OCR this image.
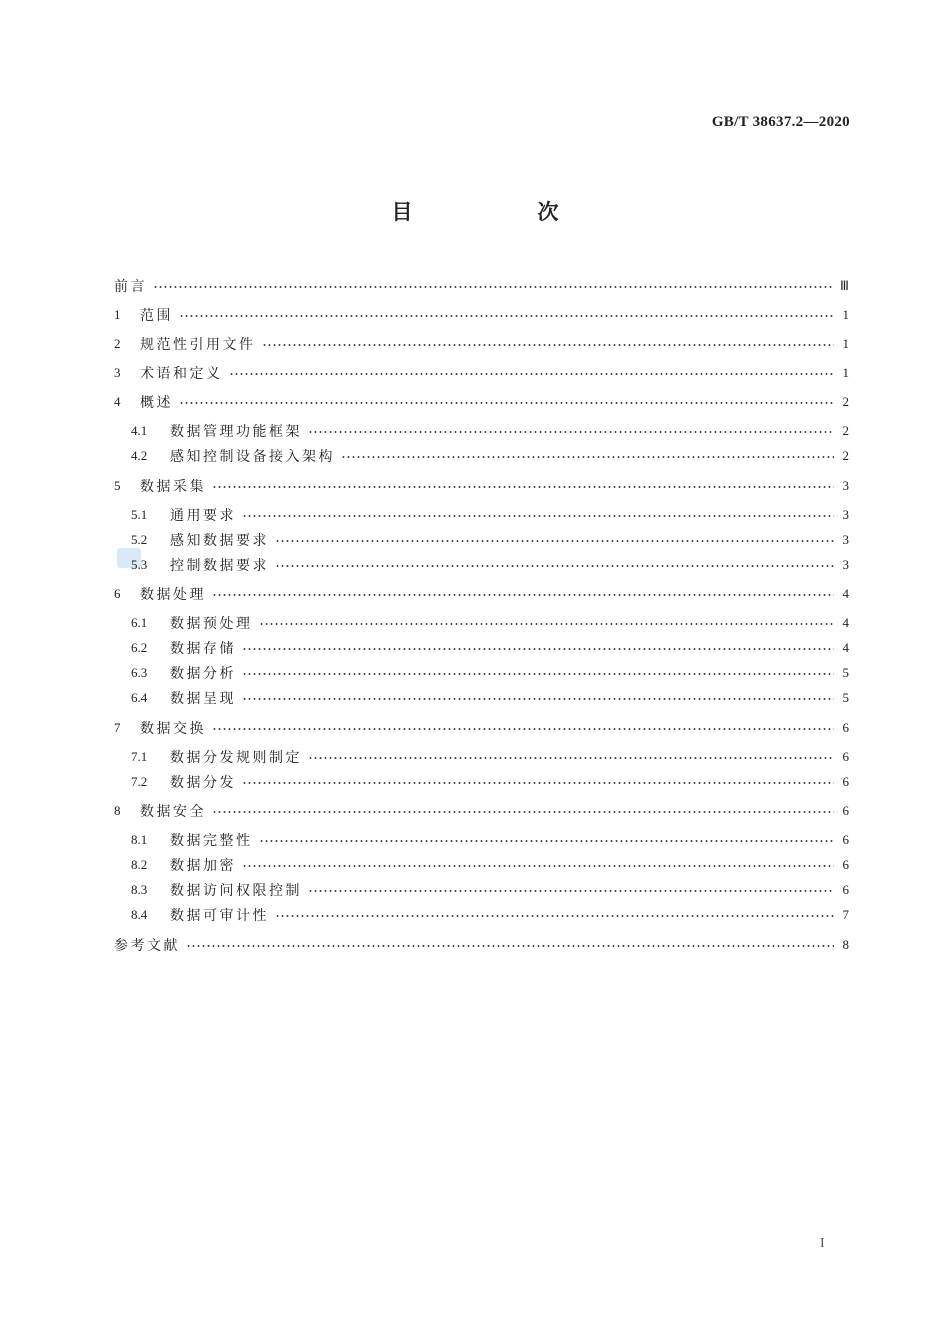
GB/T 38637.2—2020
目　次
前言	Ⅲ
1	范围	1
2	规范性引用文件	1
3	术语和定义	1
4	概述	2
4.1	数据管理功能框架	2
4.2	感知控制设备接入架构	2
5	数据采集	3
5.1	通用要求	3
5.2	感知数据要求	3
5.3	控制数据要求	3
6	数据处理	4
6.1	数据预处理	4
6.2	数据存储	4
6.3	数据分析	5
6.4	数据呈现	5
7	数据交换	6
7.1	数据分发规则制定	6
7.2	数据分发	6
8	数据安全	6
8.1	数据完整性	6
8.2	数据加密	6
8.3	数据访问权限控制	6
8.4	数据可审计性	7
参考文献	8
I
